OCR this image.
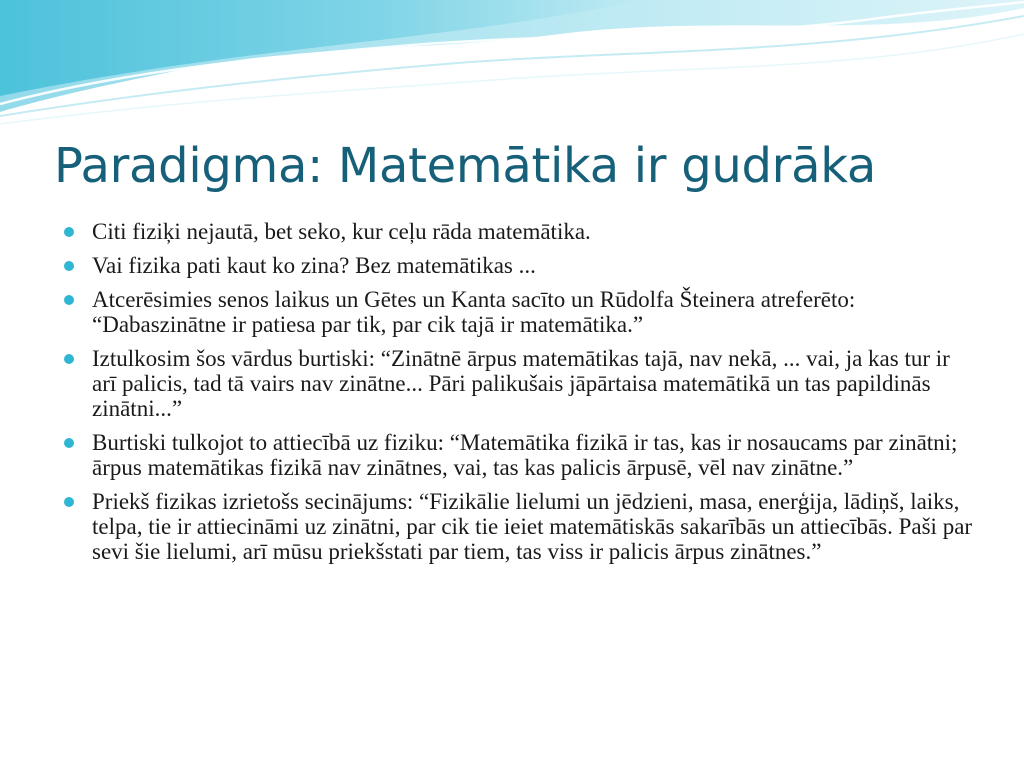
Paradigma: Matemātika ir gudrāka
Citi fiziķi nejautā, bet seko, kur ceļu rāda matemātika.
Vai fizika pati kaut ko zina? Bez matemātikas ...
Atcerēsimies senos laikus un Gētes un Kanta sacīto un Rūdolfa Šteinera atreferēto: “Dabaszinātne ir patiesa par tik, par cik tajā ir matemātika.”
Iztulkosim šos vārdus burtiski: “Zinātnē ārpus matemātikas tajā, nav nekā, ... vai, ja kas tur ir arī palicis, tad tā vairs nav zinātne... Pāri palikušais jāpārtaisa matemātikā un tas papildinās zinātni...”
Burtiski tulkojot to attiecībā uz fiziku: “Matemātika fizikā ir tas, kas ir nosaucams par zinātni; ārpus matemātikas fizikā nav zinātnes, vai, tas kas palicis ārpusē, vēl nav zinātne.”
Priekš fizikas izrietošs secinājums: “Fizikālie lielumi un jēdzieni, masa, enerģija, lādiņš, laiks, telpa, tie ir attiecināmi uz zinātni, par cik tie ieiet matemātiskās sakarībās un attiecībās. Paši par sevi šie lielumi, arī mūsu priekšstati par tiem, tas viss ir palicis ārpus zinātnes.”
